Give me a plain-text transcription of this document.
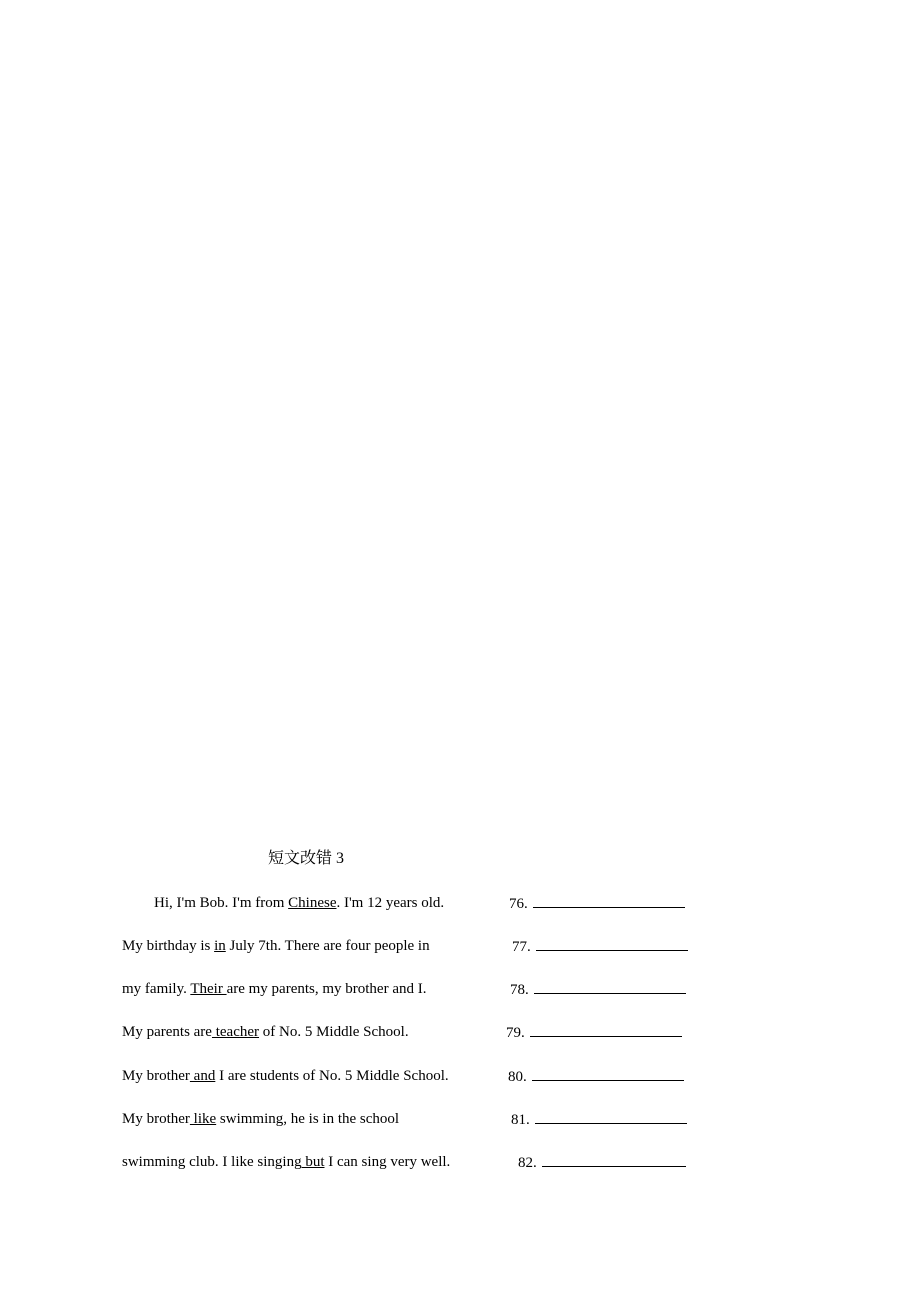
短文改错 3
Hi, I'm Bob. I'm from Chinese. I'm 12 years old.	76.
My birthday is in July 7th. There are four people in	77.
my family. Their are my parents, my brother and I.	78.
My parents are teacher of No. 5 Middle School.	79.
My brother and I are students of No. 5 Middle School.	80.
My brother like swimming, he is in the school	81.
swimming club. I like singing but I can sing very well.	82.
